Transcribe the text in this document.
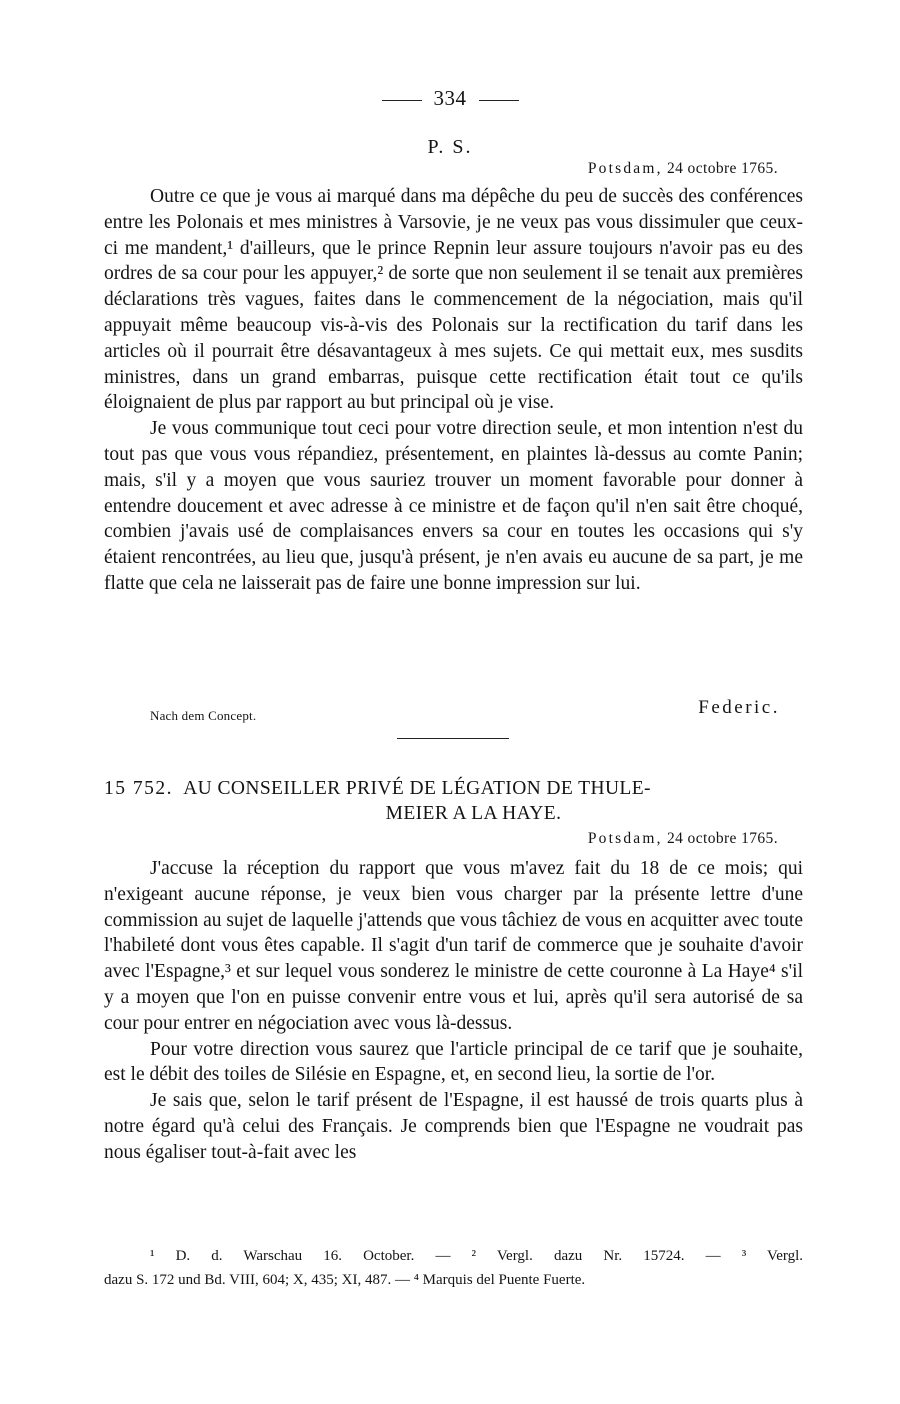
334
P. S.
Potsdam, 24 octobre 1765.

Outre ce que je vous ai marqué dans ma dépêche du peu de succès des conférences entre les Polonais et mes ministres à Varsovie, je ne veux pas vous dissimuler que ceux-ci me mandent,¹ d'ailleurs, que le prince Repnin leur assure toujours n'avoir pas eu des ordres de sa cour pour les appuyer,² de sorte que non seulement il se tenait aux premières déclarations très vagues, faites dans le commencement de la négociation, mais qu'il appuyait même beaucoup vis-à-vis des Polonais sur la rectification du tarif dans les articles où il pourrait être désavantageux à mes sujets. Ce qui mettait eux, mes susdits ministres, dans un grand embarras, puisque cette rectification était tout ce qu'ils éloignaient de plus par rapport au but principal où je vise.

Je vous communique tout ceci pour votre direction seule, et mon intention n'est du tout pas que vous vous répandiez, présentement, en plaintes là-dessus au comte Panin; mais, s'il y a moyen que vous sauriez trouver un moment favorable pour donner à entendre doucement et avec adresse à ce ministre et de façon qu'il n'en sait être choqué, combien j'avais usé de complaisances envers sa cour en toutes les occasions qui s'y étaient rencontrées, au lieu que, jusqu'à présent, je n'en avais eu aucune de sa part, je me flatte que cela ne laisserait pas de faire une bonne impression sur lui.

Nach dem Concept.	Federic.
15 752. AU CONSEILLER PRIVÉ DE LÉGATION DE THULE-
MEIER A LA HAYE.
Potsdam, 24 octobre 1765.

J'accuse la réception du rapport que vous m'avez fait du 18 de ce mois; qui n'exigeant aucune réponse, je veux bien vous charger par la présente lettre d'une commission au sujet de laquelle j'attends que vous tâchiez de vous en acquitter avec toute l'habileté dont vous êtes capable. Il s'agit d'un tarif de commerce que je souhaite d'avoir avec l'Espagne,³ et sur lequel vous sonderez le ministre de cette couronne à La Haye⁴ s'il y a moyen que l'on en puisse convenir entre vous et lui, après qu'il sera autorisé de sa cour pour entrer en négociation avec vous là-dessus.

Pour votre direction vous saurez que l'article principal de ce tarif que je souhaite, est le débit des toiles de Silésie en Espagne, et, en second lieu, la sortie de l'or.

Je sais que, selon le tarif présent de l'Espagne, il est haussé de trois quarts plus à notre égard qu'à celui des Français. Je comprends bien que l'Espagne ne voudrait pas nous égaliser tout-à-fait avec les

¹ D. d. Warschau 16. October. — ² Vergl. dazu Nr. 15724. — ³ Vergl.
dazu S. 172 und Bd. VIII, 604; X, 435; XI, 487. — ⁴ Marquis del Puente Fuerte.
